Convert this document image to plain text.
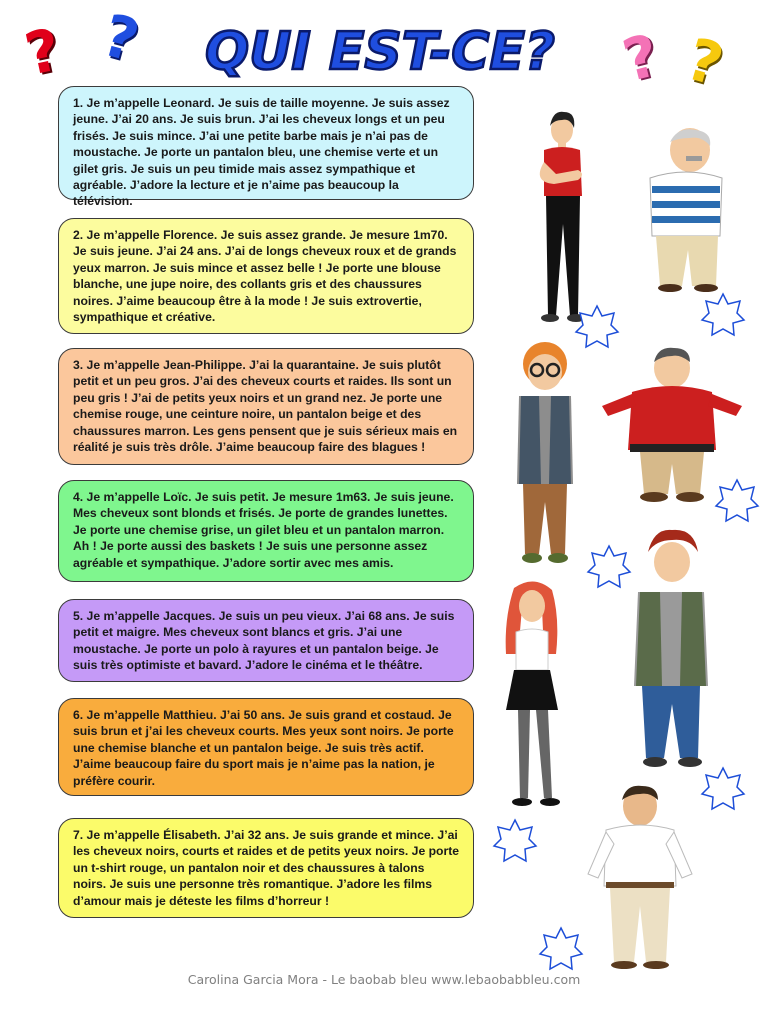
QUI EST-CE?
? ?	? ?
1. Je m’appelle Leonard. Je suis de taille moyenne. Je suis assez jeune. J’ai 20 ans. Je suis brun. J’ai les cheveux longs et un peu frisés. Je suis mince. J’ai une petite barbe mais je n’ai pas de moustache. Je porte un pantalon bleu, une chemise verte et un gilet gris. Je suis un peu timide mais assez sympathique et agréable. J’adore la lecture et je n’aime pas beaucoup la télévision.
2. Je m’appelle Florence. Je suis assez grande. Je mesure 1m70. Je suis jeune. J’ai 24 ans. J’ai de longs cheveux roux et de grands yeux marron. Je suis mince et assez belle ! Je porte une blouse blanche, une jupe noire, des collants gris et des chaussures noires. J’aime beaucoup être à la mode ! Je suis extrovertie, sympathique et créative.
3. Je m’appelle Jean-Philippe. J’ai la quarantaine. Je suis plutôt petit et un peu gros. J’ai des cheveux courts et raides. Ils sont un peu gris ! J’ai de petits yeux noirs et un grand nez. Je porte une chemise rouge, une ceinture noire, un pantalon beige et des chaussures marron. Les gens pensent que je suis sérieux mais en réalité je suis très drôle. J’aime beaucoup faire des blagues !
4. Je m’appelle Loïc. Je suis petit. Je mesure 1m63. Je suis jeune. Mes cheveux sont blonds et frisés. Je porte de grandes lunettes. Je porte une chemise grise, un gilet bleu et un pantalon marron. Ah ! Je porte aussi des baskets ! Je suis une personne assez agréable et sympathique. J’adore sortir avec mes amis.
5. Je m’appelle Jacques. Je suis un peu vieux. J’ai 68 ans. Je suis petit et maigre. Mes cheveux sont blancs et gris. J’ai une moustache. Je porte un polo à rayures et un pantalon beige. Je suis très optimiste et bavard. J’adore le cinéma et le théâtre.
6. Je m’appelle Matthieu. J’ai 50 ans. Je suis grand et costaud. Je suis brun et j’ai les cheveux courts. Mes yeux sont noirs. Je porte une chemise blanche et un pantalon beige. Je suis très actif. J’aime beaucoup faire du sport mais je n’aime pas la nation, je préfère courir.
7. Je m’appelle Élisabeth. J’ai 32 ans. Je suis grande et mince. J’ai les cheveux noirs, courts et raides et de petits yeux noirs. Je porte un t-shirt rouge, un pantalon noir et des chaussures à talons noirs. Je suis une personne très romantique. J’adore les films d’amour mais je déteste les films d’horreur !
Carolina Garcia Mora - Le baobab bleu www.lebaobabbleu.com
